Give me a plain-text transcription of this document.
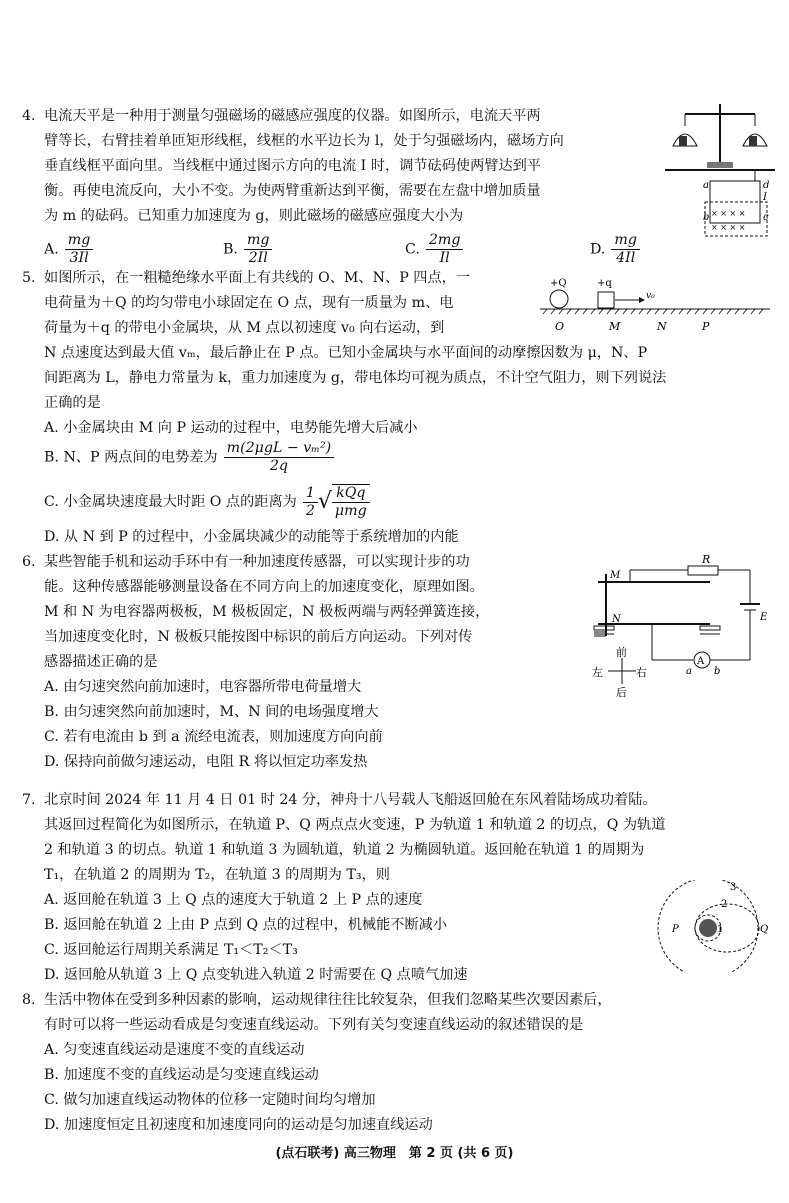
4. 电流天平是一种用于测量匀强磁场的磁感应强度的仪器。如图所示，电流天平两
臂等长，右臂挂着单匝矩形线框，线框的水平边长为 l，处于匀强磁场内，磁场方向
垂直线框平面向里。当线框中通过图示方向的电流 I 时，调节砝码使两臂达到平
衡。再使电流反向，大小不变。为使两臂重新达到平衡，需要在左盘中增加质量
为 m 的砝码。已知重力加速度为 g，则此磁场的磁感应强度大小为
A. $\frac{mg}{3Il}$	B. $\frac{mg}{2Il}$	C. $\frac{2mg}{Il}$	D. $\frac{mg}{4Il}$
× × × ×
× × × ×
a	d
I
b	c
5. 如图所示，在一粗糙绝缘水平面上有共线的 O、M、N、P 四点，一
电荷量为＋Q 的均匀带电小球固定在 O 点，现有一质量为 m、电
荷量为＋q 的带电小金属块，从 M 点以初速度 v₀ 向右运动，到
N 点速度达到最大值 vₘ，最后静止在 P 点。已知小金属块与水平面间的动摩擦因数为 μ，N、P
间距离为 L，静电力常量为 k，重力加速度为 g，带电体均可视为质点，不计空气阻力，则下列说法
正确的是
A. 小金属块由 M 向 P 运动的过程中，电势能先增大后减小
B. N、P 两点间的电势差为 $\frac{\text{m(2μgL − vₘ²)}}{2q}$
C. 小金属块速度最大时距 O 点的距离为 $\frac{1}{2}$ √ $\frac{\text{kQq}}{\text{μmg}}$
D. 从 N 到 P 的过程中，小金属块减少的动能等于系统增加的内能
+Q	+q
v₀
O	M	N	P
6. 某些智能手机和运动手环中有一种加速度传感器，可以实现计步的功
能。这种传感器能够测量设备在不同方向上的加速度变化，原理如图。
M 和 N 为电容器两极板，M 极板固定，N 极板两端与两轻弹簧连接，
当加速度变化时，N 极板只能按图中标识的前后方向运动。下列对传
感器描述正确的是
A. 由匀速突然向前加速时，电容器所带电荷量增大
B. 由匀速突然向前加速时，M、N 间的电场强度增大
C. 若有电流由 b 到 a 流经电流表，则加速度方向向前
D. 保持向前做匀速运动，电阻 R 将以恒定功率发热
R
E
M
N
A
a b
前
左	右
后
7. 北京时间 2024 年 11 月 4 日 01 时 24 分，神舟十八号载人飞船返回舱在东风着陆场成功着陆。
其返回过程简化为如图所示，在轨道 P、Q 两点点火变速，P 为轨道 1 和轨道 2 的切点，Q 为轨道
2 和轨道 3 的切点。轨道 1 和轨道 3 为圆轨道，轨道 2 为椭圆轨道。返回舱在轨道 1 的周期为
T₁，在轨道 2 的周期为 T₂，在轨道 3 的周期为 T₃，则
A. 返回舱在轨道 3 上 Q 点的速度大于轨道 2 上 P 点的速度
B. 返回舱在轨道 2 上由 P 点到 Q 点的过程中，机械能不断减小
C. 返回舱运行周期关系满足 T₁＜T₂＜T₃
D. 返回舱从轨道 3 上 Q 点变轨进入轨道 2 时需要在 Q 点喷气加速
P	Q
1
2
3
8. 生活中物体在受到多种因素的影响，运动规律往往比较复杂，但我们忽略某些次要因素后，
有时可以将一些运动看成是匀变速直线运动。下列有关匀变速直线运动的叙述错误的是
A. 匀变速直线运动是速度不变的直线运动
B. 加速度不变的直线运动是匀变速直线运动
C. 做匀加速直线运动物体的位移一定随时间均匀增加
D. 加速度恒定且初速度和加速度同向的运动是匀加速直线运动
(点石联考) 高三物理　第 2 页 (共 6 页)
